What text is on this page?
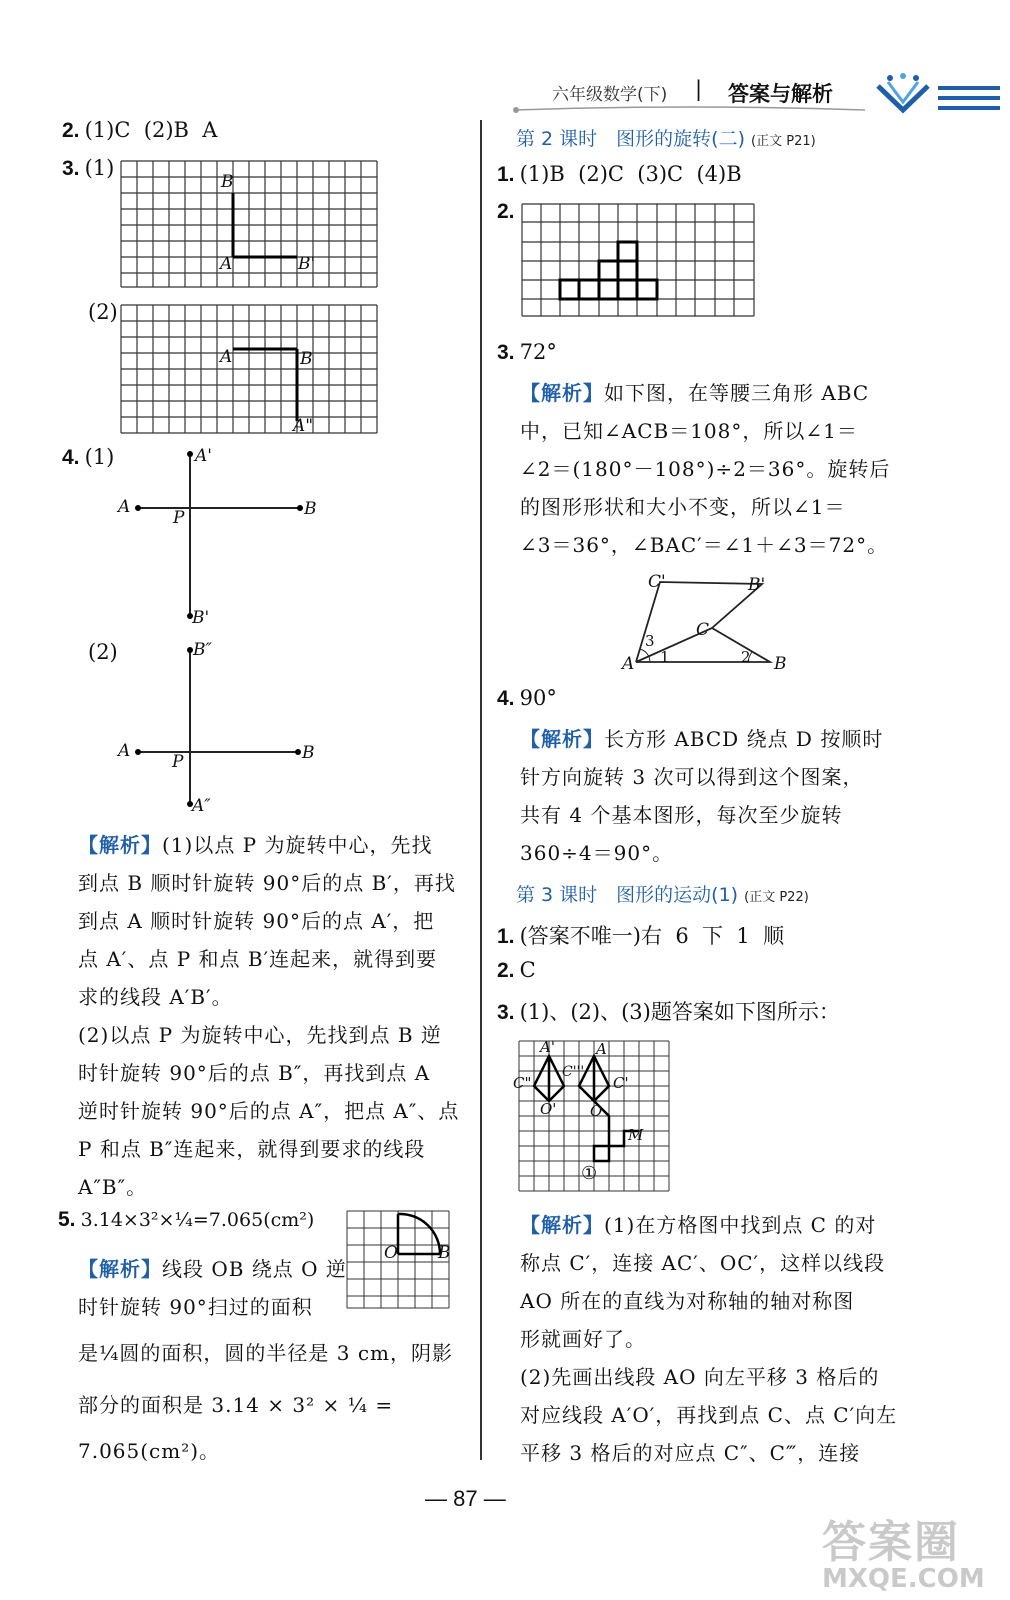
六年级数学(下) | 答案与解析
2. (1)C  (2)B  A
3. (1)
B
A	B'
(2)
A	B
A"
4. (1)	A'
A	B
P
B'
(2)	B″
A	B
P
A″
【解析】(1)以点 P 为旋转中心，先找
到点 B 顺时针旋转 90°后的点 B′，再找
到点 A 顺时针旋转 90°后的点 A′，把
点 A′、点 P 和点 B′连起来，就得到要
求的线段 A′B′。
(2)以点 P 为旋转中心，先找到点 B 逆
时针旋转 90°后的点 B″，再找到点 A
逆时针旋转 90°后的点 A″，把点 A″、点
P 和点 B″连起来，就得到要求的线段
A″B″。
5. 3.14×3²×¼=7.065(cm²)
O B
【解析】线段 OB 绕点 O 逆
时针旋转 90°扫过的面积
是¼圆的面积，圆的半径是 3 cm，阴影
部分的面积是 3.14 × 3² × ¼ =
7.065(cm²)。
第 2 课时　图形的旋转(二) (正文 P21)
1. (1)B  (2)C  (3)C  (4)B
2.
3. 72°
【解析】如下图，在等腰三角形 ABC
中，已知∠ACB＝108°，所以∠1＝
∠2＝(180°－108°)÷2＝36°。旋转后
的图形形状和大小不变，所以∠1＝
∠3＝36°，∠BAC′＝∠1＋∠3＝72°。
C'	B'
C
3
1	2
A	B
4. 90°
【解析】长方形 ABCD 绕点 D 按顺时
针方向旋转 3 次可以得到这个图案，
共有 4 个基本图形，每次至少旋转
360÷4＝90°。
第 3 课时　图形的运动(1) (正文 P22)
1. (答案不唯一)右  6  下  1  顺
2. C
3. (1)、(2)、(3)题答案如下图所示：
A'	A
C"
C'''
C'
O' O
M
①
【解析】(1)在方格图中找到点 C 的对
称点 C′，连接 AC′、OC′，这样以线段
AO 所在的直线为对称轴的轴对称图
形就画好了。
(2)先画出线段 AO 向左平移 3 格后的
对应线段 A′O′，再找到点 C、点 C′向左
平移 3 格后的对应点 C″、C‴，连接
— 87 —
答案圈
MXQE.COM
